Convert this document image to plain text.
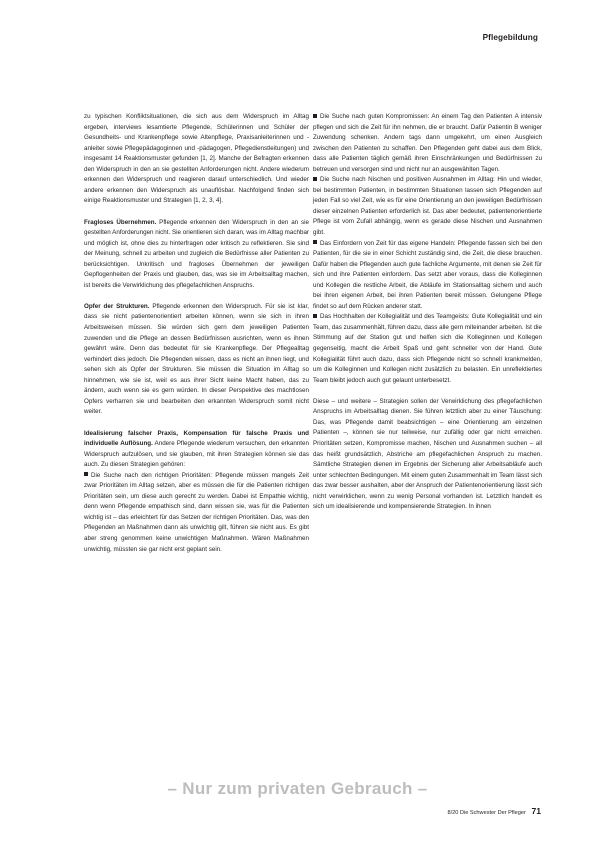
Pflegebildung

zu typischen Konfliktsituationen, die sich aus dem Widerspruch im Alltag ergeben, interviews lesamtierte Pflegende, Schülerinnen und Schüler der Gesundheits- und Krankenpflege sowie Altenpflege, Praxisanleiterinnen und -anleiter sowie Pflegepädagoginnen und -pädagogen, Pflegedienstleitungen) und insgesamt 14 Reaktionsmuster gefunden [1, 2]. Manche der Befragten erkennen den Widerspruch in den an sie gestellten Anforderungen nicht. Andere wiederum erkennen den Widerspruch und reagieren darauf unterschiedlich. Und wieder andere erkennen den Widerspruch als unauflösbar. Nachfolgend finden sich einige Reaktionsmuster und Strategien [1, 2, 3, 4].

Fragloses Übernehmen. Pflegende erkennen den Widerspruch in den an sie gestellten Anforderungen nicht. Sie orientieren sich daran, was im Alltag machbar und möglich ist, ohne dies zu hinterfragen oder kritisch zu reflektieren. Sie sind der Meinung, schnell zu arbeiten und zugleich die Bedürfnisse aller Patienten zu berücksichtigen. Unkritisch und fragloses Übernehmen der jeweiligen Gepflogenheiten der Praxis und glauben, das, was sie im Arbeitsalltag machen, ist bereits die Verwirklichung des pflegefachlichen Anspruchs.

Opfer der Strukturen. Pflegende erkennen den Widerspruch. Für sie ist klar, dass sie nicht patientenorientiert arbeiten können, wenn sie sich in ihren Arbeitsweisen müssen. Sie würden sich gern dem jeweiligen Patienten zuwenden und die Pflege an dessen Bedürfnissen ausrichten, wenn es ihnen gewährt wäre. Denn das bedeutet für sie Krankenpflege. Der Pflegealltag verhindert dies jedoch. Die Pflegenden wissen, dass es nicht an ihnen liegt, und sehen sich als Opfer der Strukturen. Sie müssen die Situation im Alltag so hinnehmen, wie sie ist, weil es aus ihrer Sicht keine Macht haben, das zu ändern, auch wenn sie es gern würden. In dieser Perspektive des machtlosen Opfers verharren sie und bearbeiten den erkannten Widerspruch somit nicht weiter.

Idealisierung falscher Praxis, Kompensation für falsche Praxis und individuelle Auflösung. Andere Pflegende wiederum versuchen, den erkannten Widerspruch aufzulösen, und sie glauben, mit ihren Strategien können sie das auch. Zu diesen Strategien gehören:

Die Suche nach den richtigen Prioritäten: Pflegende müssen mangels Zeit zwar Prioritäten im Alltag setzen, aber es müssen die für die Patienten richtigen Prioritäten sein, um diese auch gerecht zu werden. Dabei ist Empathie wichtig, denn wenn Pflegende empathisch sind, dann wissen sie, was für die Patienten wichtig ist – das erleichtert für das Setzen der richtigen Prioritäten. Das, was den Pflegenden an Maßnahmen dann als unwichtig gilt, führen sie nicht aus. Es gibt aber streng genommen keine unwichtigen Maßnahmen. Wären Maßnahmen unwichtig, müssten sie gar nicht erst geplant sein.

Die Suche nach guten Kompromissen: An einem Tag den Patienten A intensiv pflegen und sich die Zeit für ihn nehmen, die er braucht. Dafür Patientin B weniger Zuwendung schenken. Andern tags dann umgekehrt, um einen Ausgleich zwischen den Patienten zu schaffen. Den Pflegenden geht dabei aus dem Blick, dass alle Patienten täglich gemäß ihren Einschränkungen und Bedürfnissen zu betreuen und versorgen sind und nicht nur an ausgewählten Tagen.

Die Suche nach Nischen und positiven Ausnahmen im Alltag: Hin und wieder, bei bestimmten Patienten, in bestimmten Situationen lassen sich Pflegenden auf jeden Fall so viel Zeit, wie es für eine Orientierung an den jeweiligen Bedürfnissen dieser einzelnen Patienten erforderlich ist. Das aber bedeutet, patientenorientierte Pflege ist vom Zufall abhängig, wenn es gerade diese Nischen und Ausnahmen gibt.

Das Einfordern von Zeit für das eigene Handeln: Pflegende fassen sich bei den Patienten, für die sie in einer Schicht zuständig sind, die Zeit, die diese brauchen. Dafür haben die Pflegenden auch gute fachliche Argumente, mit denen sie Zeit für sich und ihre Patienten einfordern. Das setzt aber voraus, dass die Kolleginnen und Kollegen die restliche Arbeit, die Abläufe im Stationsalltag sichern und auch bei ihren eigenen Arbeit, bei ihren Patienten bereit müssen. Gelungene Pflege findet so auf dem Rücken anderer statt.

Das Hochhalten der Kollegialität und des Teamgeists: Gute Kollegialität und ein Team, das zusammenhält, führen dazu, dass alle gern miteinander arbeiten. Ist die Stimmung auf der Station gut und helfen sich die Kolleginnen und Kollegen gegenseitig, macht die Arbeit Spaß und geht schneller von der Hand. Gute Kollegialität führt auch dazu, dass sich Pflegende nicht so schnell krankmelden, um die Kolleginnen und Kollegen nicht zusätzlich zu belasten. Ein unreflektiertes Team bleibt jedoch auch gut gelaunt unterbesetzt.

Diese – und weitere – Strategien sollen der Verwirklichung des pflegefachlichen Anspruchs im Arbeitsalltag dienen. Sie führen letztlich aber zu einer Täuschung: Das, was Pflegende damit beabsichtigen – eine Orientierung am einzelnen Patienten –, können sie nur teilweise, nur zufällig oder gar nicht erreichen. Prioritäten setzen, Kompromisse machen, Nischen und Ausnahmen suchen – all das heißt grundsätzlich, Abstriche am pflegefachlichen Anspruch zu machen. Sämtliche Strategien dienen im Ergebnis der Sicherung aller Arbeitsabläufe auch unter schlechten Bedingungen. Mit einem guten Zusammenhalt im Team lässt sich das zwar besser aushalten, aber der Anspruch der Patientenorientierung lässt sich nicht verwirklichen, wenn zu wenig Personal vorhanden ist. Letztlich handelt es sich um idealisierende und kompensierende Strategien. In ihnen

– Nur zum privaten Gebrauch –
8/20 Die Schwester Der Pfleger 71
